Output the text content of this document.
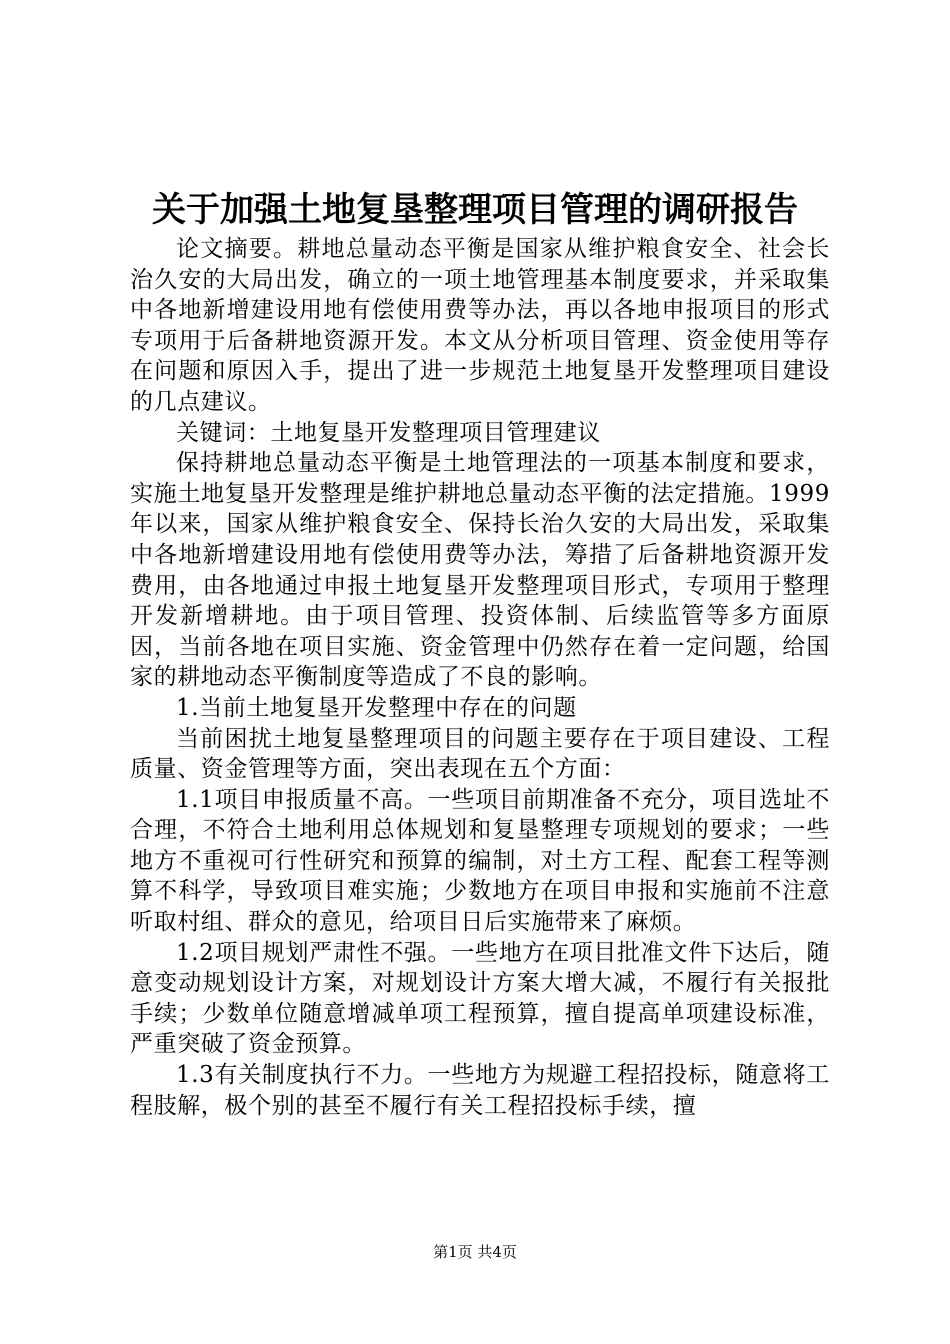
关于加强土地复垦整理项目管理的调研报告

论文摘要。耕地总量动态平衡是国家从维护粮食安全、社会长治久安的大局出发，确立的一项土地管理基本制度要求，并采取集中各地新增建设用地有偿使用费等办法，再以各地申报项目的形式专项用于后备耕地资源开发。本文从分析项目管理、资金使用等存在问题和原因入手，提出了进一步规范土地复垦开发整理项目建设的几点建议。

关键词：土地复垦开发整理项目管理建议

保持耕地总量动态平衡是土地管理法的一项基本制度和要求，实施土地复垦开发整理是维护耕地总量动态平衡的法定措施。1999年以来，国家从维护粮食安全、保持长治久安的大局出发，采取集中各地新增建设用地有偿使用费等办法，筹措了后备耕地资源开发费用，由各地通过申报土地复垦开发整理项目形式，专项用于整理开发新增耕地。由于项目管理、投资体制、后续监管等多方面原因，当前各地在项目实施、资金管理中仍然存在着一定问题，给国家的耕地动态平衡制度等造成了不良的影响。

1.当前土地复垦开发整理中存在的问题

当前困扰土地复垦整理项目的问题主要存在于项目建设、工程质量、资金管理等方面，突出表现在五个方面：

1.1项目申报质量不高。一些项目前期准备不充分，项目选址不合理，不符合土地利用总体规划和复垦整理专项规划的要求；一些地方不重视可行性研究和预算的编制，对土方工程、配套工程等测算不科学，导致项目难实施；少数地方在项目申报和实施前不注意听取村组、群众的意见，给项目日后实施带来了麻烦。

1.2项目规划严肃性不强。一些地方在项目批准文件下达后，随意变动规划设计方案，对规划设计方案大增大减，不履行有关报批手续；少数单位随意增减单项工程预算，擅自提高单项建设标准，严重突破了资金预算。

1.3有关制度执行不力。一些地方为规避工程招投标，随意将工程肢解，极个别的甚至不履行有关工程招投标手续，擅

第1页 共4页
